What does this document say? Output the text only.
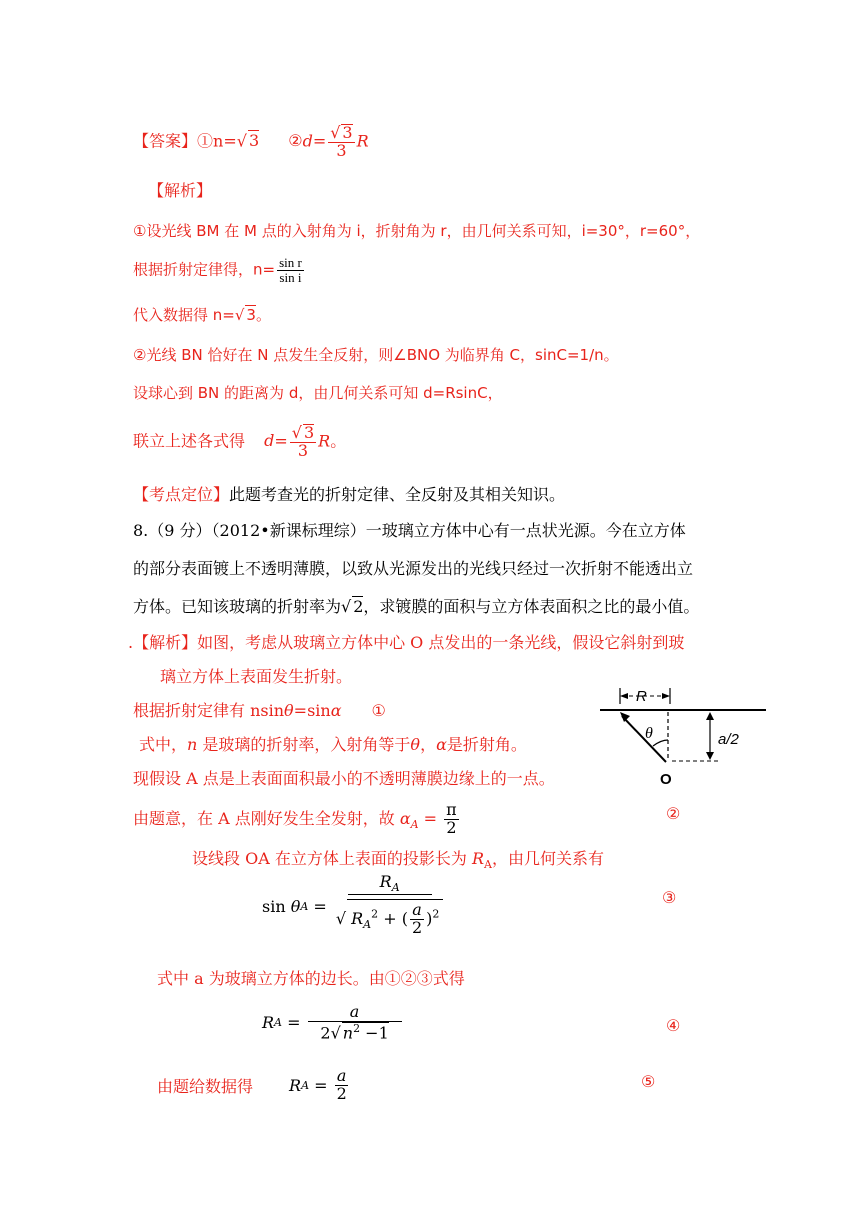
【答案】①n=√ 3 ②d= $\frac{√ 3}{3}$ R
【解析】
①设光线 BM 在 M 点的入射角为 i，折射角为 r，由几何关系可知，i=30°，r=60°，
根据折射定律得，$n= \frac{\text{sin r}}{\text{sin i}}$
代入数据得 n=√ 3。
②光线 BN 恰好在 N 点发生全反射，则∠BNO 为临界角 C，sinC=1/n。
设球心到 BN 的距离为 d，由几何关系可知 d=RsinC，
联立上述各式得 $d= \frac{√ 3}{3}$ R。
【考点定位】此题考查光的折射定律、全反射及其相关知识。
8.（9 分）（2012•新课标理综）一玻璃立方体中心有一点状光源。今在立方体
的部分表面镀上不透明薄膜，以致从光源发出的光线只经过一次折射不能透出立
方体。已知该玻璃的折射率为√ 2，求镀膜的面积与立方体表面积之比的最小值。
.【解析】如图，考虑从玻璃立方体中心 O 点发出的一条光线，假设它斜射到玻
璃立方体上表面发生折射。
根据折射定律有 nsinθ=sinα ①
式中，n 是玻璃的折射率，入射角等于θ，α是折射角。
现假设 A 点是上表面面积最小的不透明薄膜边缘上的一点。
由题意，在 A 点刚好发生全发射，故 $\alpha_A = \frac{\pi}{2}$	②
设线段 OA 在立方体上表面的投影长为 $R_A$，由几何关系有
sin
θ $A = \frac{R_A}{√ R_A^2 + ( \frac{a}{2} )^2}$	③
式中 a 为玻璃立方体的边长。由①②③式得
R $A = \frac{a}{2√ n^2 -1}$	④
由题给数据得 R $A = \frac{a}{2}$	⑤
R
θ	a/2
O
